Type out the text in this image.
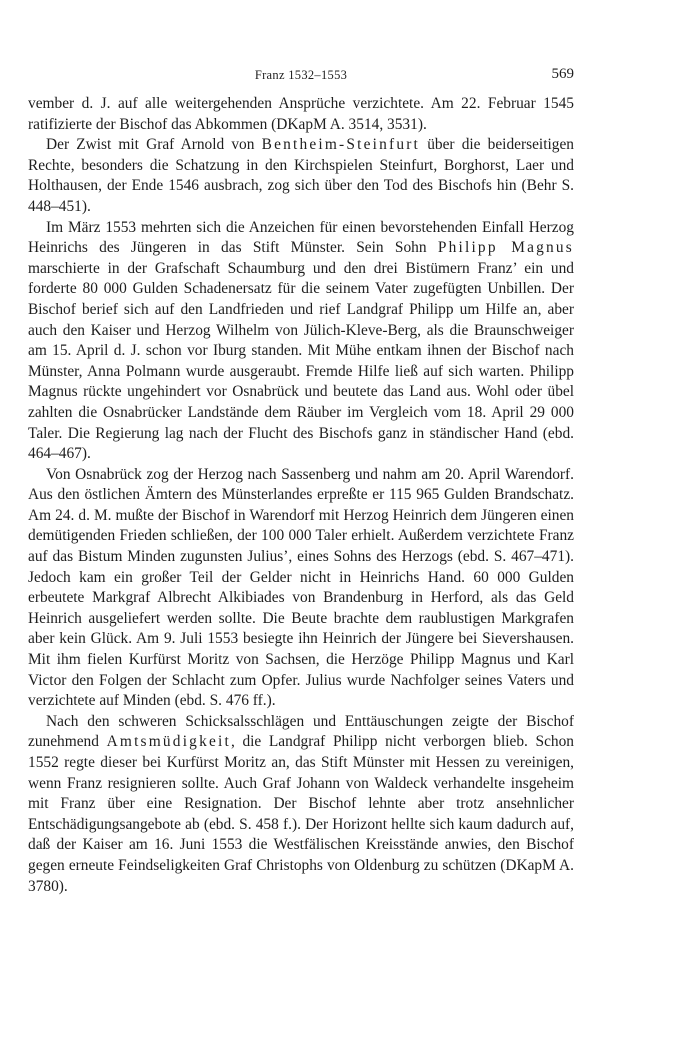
Franz 1532–1553	569

vember d. J. auf alle weitergehenden Ansprüche verzichtete. Am 22. Februar 1545 ratifizierte der Bischof das Abkommen (DKapM A. 3514, 3531).

Der Zwist mit Graf Arnold von Bentheim-Steinfurt über die beiderseitigen Rechte, besonders die Schatzung in den Kirchspielen Steinfurt, Borghorst, Laer und Holthausen, der Ende 1546 ausbrach, zog sich über den Tod des Bischofs hin (Behr S. 448–451).

Im März 1553 mehrten sich die Anzeichen für einen bevorstehenden Einfall Herzog Heinrichs des Jüngeren in das Stift Münster. Sein Sohn Philipp Magnus marschierte in der Grafschaft Schaumburg und den drei Bistümern Franz’ ein und forderte 80 000 Gulden Schadenersatz für die seinem Vater zugefügten Unbillen. Der Bischof berief sich auf den Landfrieden und rief Landgraf Philipp um Hilfe an, aber auch den Kaiser und Herzog Wilhelm von Jülich-Kleve-Berg, als die Braunschweiger am 15. April d. J. schon vor Iburg standen. Mit Mühe entkam ihnen der Bischof nach Münster, Anna Polmann wurde ausgeraubt. Fremde Hilfe ließ auf sich warten. Philipp Magnus rückte ungehindert vor Osnabrück und beutete das Land aus. Wohl oder übel zahlten die Osnabrücker Landstände dem Räuber im Vergleich vom 18. April 29 000 Taler. Die Regierung lag nach der Flucht des Bischofs ganz in ständischer Hand (ebd. 464–467).

Von Osnabrück zog der Herzog nach Sassenberg und nahm am 20. April Warendorf. Aus den östlichen Ämtern des Münsterlandes erpreßte er 115 965 Gulden Brandschatz. Am 24. d. M. mußte der Bischof in Warendorf mit Herzog Heinrich dem Jüngeren einen demütigenden Frieden schließen, der 100 000 Taler erhielt. Außerdem verzichtete Franz auf das Bistum Minden zugunsten Julius’, eines Sohns des Herzogs (ebd. S. 467–471). Jedoch kam ein großer Teil der Gelder nicht in Heinrichs Hand. 60 000 Gulden erbeutete Markgraf Albrecht Alkibiades von Brandenburg in Herford, als das Geld Heinrich ausgeliefert werden sollte. Die Beute brachte dem raublustigen Markgrafen aber kein Glück. Am 9. Juli 1553 besiegte ihn Heinrich der Jüngere bei Sievershausen. Mit ihm fielen Kurfürst Moritz von Sachsen, die Herzöge Philipp Magnus und Karl Victor den Folgen der Schlacht zum Opfer. Julius wurde Nachfolger seines Vaters und verzichtete auf Minden (ebd. S. 476 ff.).

Nach den schweren Schicksalsschlägen und Enttäuschungen zeigte der Bischof zunehmend Amtsmüdigkeit, die Landgraf Philipp nicht verborgen blieb. Schon 1552 regte dieser bei Kurfürst Moritz an, das Stift Münster mit Hessen zu vereinigen, wenn Franz resignieren sollte. Auch Graf Johann von Waldeck verhandelte insgeheim mit Franz über eine Resignation. Der Bischof lehnte aber trotz ansehnlicher Entschädigungsangebote ab (ebd. S. 458 f.). Der Horizont hellte sich kaum dadurch auf, daß der Kaiser am 16. Juni 1553 die Westfälischen Kreisstände anwies, den Bischof gegen erneute Feindseligkeiten Graf Christophs von Oldenburg zu schützen (DKapM A. 3780).
